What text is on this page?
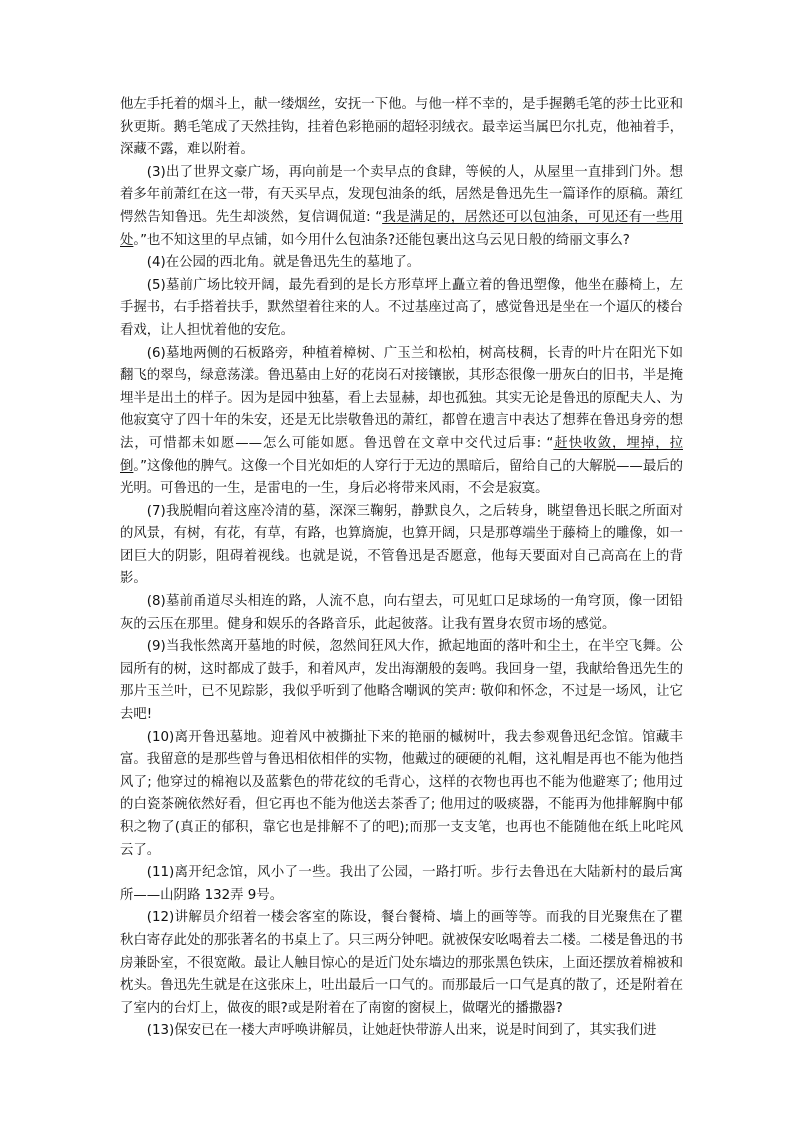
他左手托着的烟斗上，献一缕烟丝，安抚一下他。与他一样不幸的，是手握鹅毛笔的莎士比亚和狄更斯。鹅毛笔成了天然挂钩，挂着色彩艳丽的超轻羽绒衣。最幸运当属巴尔扎克，他袖着手，深藏不露，难以附着。

(3)出了世界文豪广场，再向前是一个卖早点的食肆，等候的人，从屋里一直排到门外。想着多年前萧红在这一带，有天买早点，发现包油条的纸，居然是鲁迅先生一篇译作的原稿。萧红愕然告知鲁迅。先生却淡然，复信调侃道: “我是满足的，居然还可以包油条，可见还有一些用处。”也不知这里的早点铺，如今用什么包油条?还能包裹出这乌云见日般的绮丽文事么?

(4)在公园的西北角。就是鲁迅先生的墓地了。

(5)墓前广场比较开阔，最先看到的是长方形草坪上矗立着的鲁迅塑像，他坐在藤椅上，左手握书，右手搭着扶手，默然望着往来的人。不过基座过高了，感觉鲁迅是坐在一个逼仄的楼台看戏，让人担忧着他的安危。

(6)墓地两侧的石板路旁，种植着樟树、广玉兰和松柏，树高枝稠，长青的叶片在阳光下如翻飞的翠鸟，绿意荡漾。鲁迅墓由上好的花岗石对接镶嵌，其形态很像一册灰白的旧书，半是掩埋半是出土的样子。因为是园中独墓，看上去显赫，却也孤独。其实无论是鲁迅的原配夫人、为他寂寞守了四十年的朱安，还是无比崇敬鲁迅的萧红，都曾在遗言中表达了想葬在鲁迅身旁的想法，可惜都未如愿——怎么可能如愿。鲁迅曾在文章中交代过后事: “赶快收敛，埋掉，拉倒。”这像他的脾气。这像一个目光如炬的人穿行于无边的黑暗后，留给自己的大解脱——最后的光明。可鲁迅的一生，是雷电的一生，身后必将带来风雨，不会是寂寞。

(7)我脱帽向着这座冷清的墓，深深三鞠躬，静默良久，之后转身，眺望鲁迅长眠之所面对的风景，有树，有花，有草，有路，也算旖旎，也算开阔，只是那尊端坐于藤椅上的雕像，如一团巨大的阴影，阻碍着视线。也就是说，不管鲁迅是否愿意，他每天要面对自己高高在上的背影。

(8)墓前甬道尽头相连的路，人流不息，向右望去，可见虹口足球场的一角穹顶，像一团铅灰的云压在那里。健身和娱乐的各路音乐，此起彼落。让我有置身农贸市场的感觉。

(9)当我怅然离开墓地的时候，忽然间狂风大作，掀起地面的落叶和尘土，在半空飞舞。公园所有的树，这时都成了鼓手，和着风声，发出海潮般的轰鸣。我回身一望，我献给鲁迅先生的那片玉兰叶，已不见踪影，我似乎听到了他略含嘲讽的笑声: 敬仰和怀念，不过是一场风，让它去吧!

(10)离开鲁迅墓地。迎着风中被撕扯下来的艳丽的槭树叶，我去参观鲁迅纪念馆。馆藏丰富。我留意的是那些曾与鲁迅相依相伴的实物，他戴过的硬硬的礼帽，这礼帽是再也不能为他挡风了; 他穿过的棉袍以及蓝紫色的带花纹的毛背心，这样的衣物也再也不能为他避寒了; 他用过的白瓷茶碗依然好看，但它再也不能为他送去茶香了; 他用过的吸痰器，不能再为他排解胸中郁积之物了(真正的郁积，靠它也是排解不了的吧);而那一支支笔，也再也不能随他在纸上叱咤风云了。

(11)离开纪念馆，风小了一些。我出了公园，一路打听。步行去鲁迅在大陆新村的最后寓所——山阴路 132弄 9号。

(12)讲解员介绍着一楼会客室的陈设，餐台餐椅、墙上的画等等。而我的目光聚焦在了瞿秋白寄存此处的那张著名的书桌上了。只三两分钟吧。就被保安吆喝着去二楼。二楼是鲁迅的书房兼卧室，不很宽敞。最让人触目惊心的是近门处东墙边的那张黑色铁床，上面还摆放着棉被和枕头。鲁迅先生就是在这张床上，吐出最后一口气的。而那最后一口气是真的散了，还是附着在了室内的台灯上，做夜的眼?或是附着在了南窗的窗棂上，做曙光的播撒器?

(13)保安已在一楼大声呼唤讲解员，让她赶快带游人出来，说是时间到了，其实我们进
